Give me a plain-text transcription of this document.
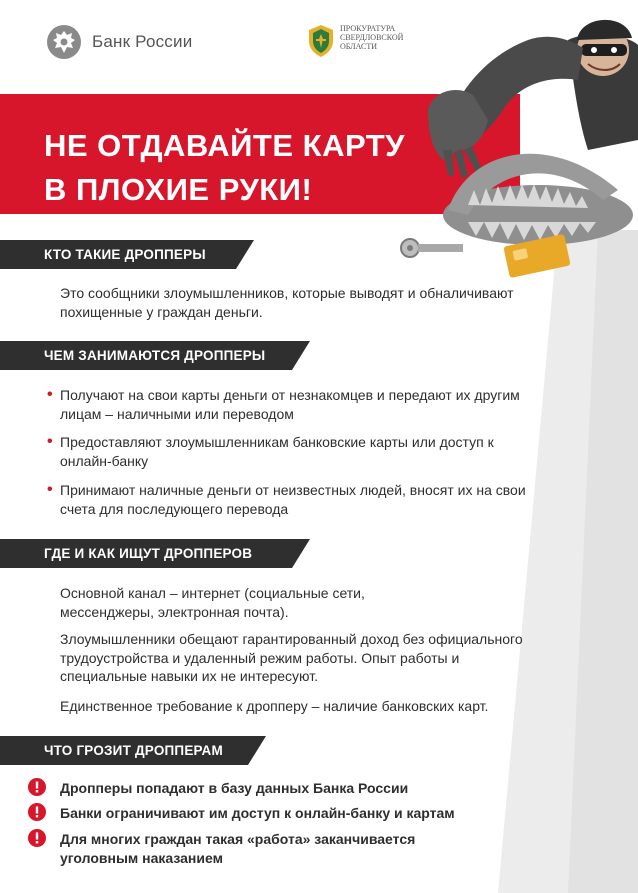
Банк России
ПРОКУРАТУРА
СВЕРДЛОВСКОЙ
ОБЛАСТИ
НЕ ОТДАВАЙТЕ КАРТУ
В ПЛОХИЕ РУКИ!
КТО ТАКИЕ ДРОППЕРЫ

Это сообщники злоумышленников, которые выводят и обналичивают похищенные у граждан деньги.

ЧЕМ ЗАНИМАЮТСЯ ДРОППЕРЫ
• Получают на свои карты деньги от незнакомцев и передают их другим лицам – наличными или переводом
• Предоставляют злоумышленникам банковские карты или доступ к онлайн-банку
• Принимают наличные деньги от неизвестных людей, вносят их на свои счета для последующего перевода
ГДЕ И КАК ИЩУТ ДРОППЕРОВ

Основной канал – интернет (социальные сети, мессенджеры, электронная почта).

Злоумышленники обещают гарантированный доход без официального трудоустройства и удаленный режим работы. Опыт работы и специальные навыки их не интересуют.

Единственное требование к дропперу – наличие банковских карт.

ЧТО ГРОЗИТ ДРОППЕРАМ
Дропперы попадают в базу данных Банка России
Банки ограничивают им доступ к онлайн-банку и картам
Для многих граждан такая «работа» заканчивается уголовным наказанием
